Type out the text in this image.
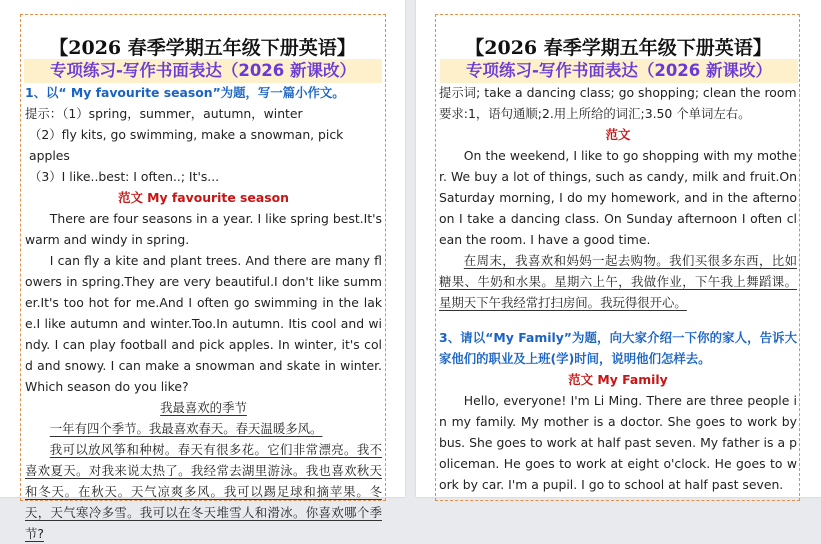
【2026 春季学期五年级下册英语】
专项练习-写作书面表达（2026 新课改）

1、以“ My favourite season”为题，写一篇小作文。

提示：（1）spring，summer，autumn，winter

（2）fly kits, go swimming, make a snowman, pick apples

（3）I like..best: I often..; It's...

范文 My favourite season

There are four seasons in a year. I like spring best.It's warm and windy in spring.

I can fly a kite and plant trees. And there are many flowers in spring.They are very beautiful.I don't like summer.It's too hot for me.And I often go swimming in the lake.I like autumn and winter.Too.In autumn. Itis cool and windy. I can play football and pick apples. In winter, it's cold and snowy. I can make a snowman and skate in winter. Which season do you like?

我最喜欢的季节

一年有四个季节。我最喜欢春天。春天温暖多风。

我可以放风筝和种树。春天有很多花。它们非常漂亮。我不喜欢夏天。对我来说太热了。我经常去湖里游泳。我也喜欢秋天和冬天。在秋天。天气凉爽多风。我可以踢足球和摘苹果。冬天，天气寒冷多雪。我可以在冬天堆雪人和滑冰。你喜欢哪个季节?

【2026 春季学期五年级下册英语】
专项练习-写作书面表达（2026 新课改）

提示词; take a dancing class; go shopping; clean the room

要求:1，语句通顺;2.用上所给的词汇;3.50 个单词左右。

范文

On the weekend, I like to go shopping with my mother. We buy a lot of things, such as candy, milk and fruit.On Saturday morning, I do my homework, and in the afternoon I take a dancing class. On Sunday afternoon I often clean the room. I have a good time.

在周末，我喜欢和妈妈一起去购物。我们买很多东西，比如糖果、牛奶和水果。星期六上午，我做作业，下午我上舞蹈课。星期天下午我经常打扫房间。我玩得很开心。

3、请以“My Family”为题，向大家介绍一下你的家人，告诉大家他们的职业及上班(学)时间，说明他们怎样去。

范文 My Family

Hello, everyone! I'm Li Ming. There are three people in my family. My mother is a doctor. She goes to work by bus. She goes to work at half past seven. My father is a policeman. He goes to work at eight o'clock. He goes to work by car. I'm a pupil. I go to school at half past seven.
